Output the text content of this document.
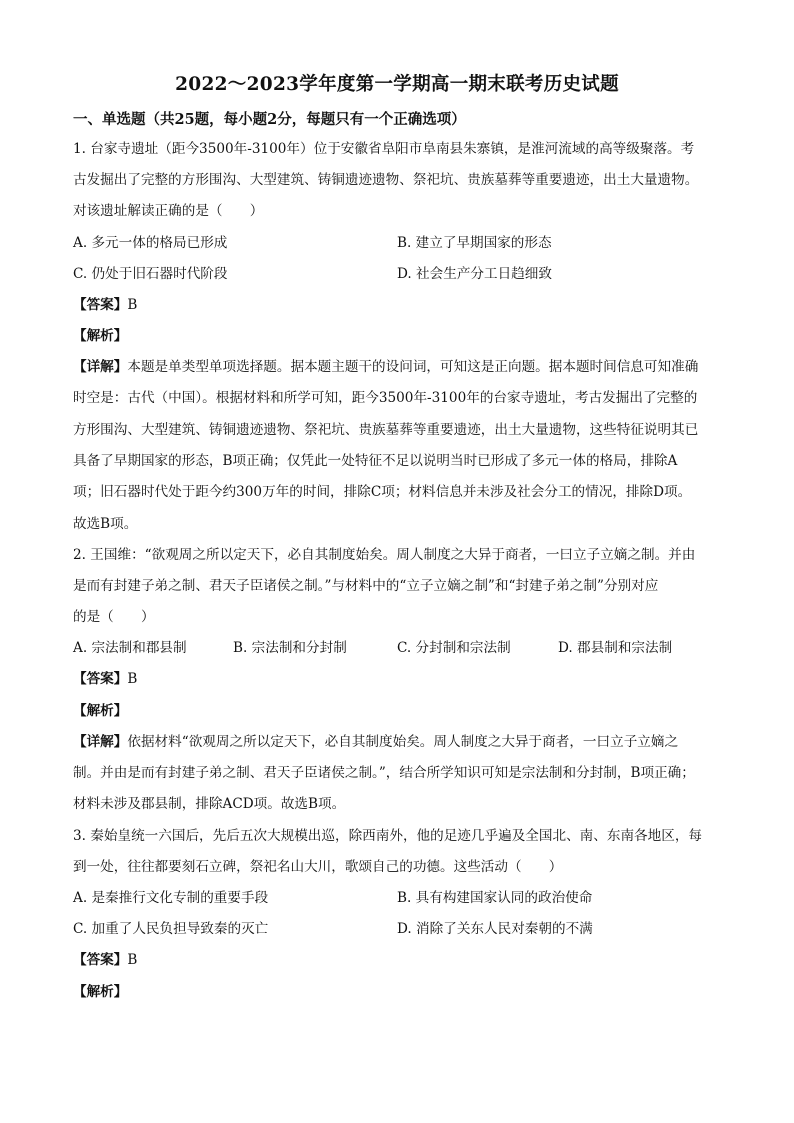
2022～2023学年度第一学期高一期末联考历史试题
一、单选题（共25题，每小题2分，每题只有一个正确选项）
1. 台家寺遗址（距今3500年-3100年）位于安徽省阜阳市阜南县朱寨镇，是淮河流域的高等级聚落。考
古发掘出了完整的方形围沟、大型建筑、铸铜遗迹遗物、祭祀坑、贵族墓葬等重要遗迹，出土大量遗物。
对该遗址解读正确的是（　　）
A. 多元一体的格局已形成	B. 建立了早期国家的形态
C. 仍处于旧石器时代阶段	D. 社会生产分工日趋细致
【答案】B
【解析】
【详解】本题是单类型单项选择题。据本题主题干的设问词，可知这是正向题。据本题时间信息可知准确
时空是：古代（中国）。根据材料和所学可知，距今3500年-3100年的台家寺遗址，考古发掘出了完整的
方形围沟、大型建筑、铸铜遗迹遗物、祭祀坑、贵族墓葬等重要遗迹，出土大量遗物，这些特征说明其已
具备了早期国家的形态，B项正确；仅凭此一处特征不足以说明当时已形成了多元一体的格局，排除A
项；旧石器时代处于距今约300万年的时间，排除C项；材料信息并未涉及社会分工的情况，排除D项。
故选B项。
2. 王国维：“欲观周之所以定天下，必自其制度始矣。周人制度之大异于商者，一曰立子立嫡之制。并由
是而有封建子弟之制、君天子臣诸侯之制。”与材料中的“立子立嫡之制”和“封建子弟之制”分别对应
的是（　　）
A. 宗法制和郡县制	B. 宗法制和分封制	C. 分封制和宗法制	D. 郡县制和宗法制
【答案】B
【解析】
【详解】依据材料“欲观周之所以定天下，必自其制度始矣。周人制度之大异于商者，一曰立子立嫡之
制。并由是而有封建子弟之制、君天子臣诸侯之制。”，结合所学知识可知是宗法制和分封制，B项正确；
材料未涉及郡县制，排除ACD项。故选B项。
3. 秦始皇统一六国后，先后五次大规模出巡，除西南外，他的足迹几乎遍及全国北、南、东南各地区，每
到一处，往往都要刻石立碑，祭祀名山大川，歌颂自己的功德。这些活动（　　）
A. 是秦推行文化专制的重要手段	B. 具有构建国家认同的政治使命
C. 加重了人民负担导致秦的灭亡	D. 消除了关东人民对秦朝的不满
【答案】B
【解析】
